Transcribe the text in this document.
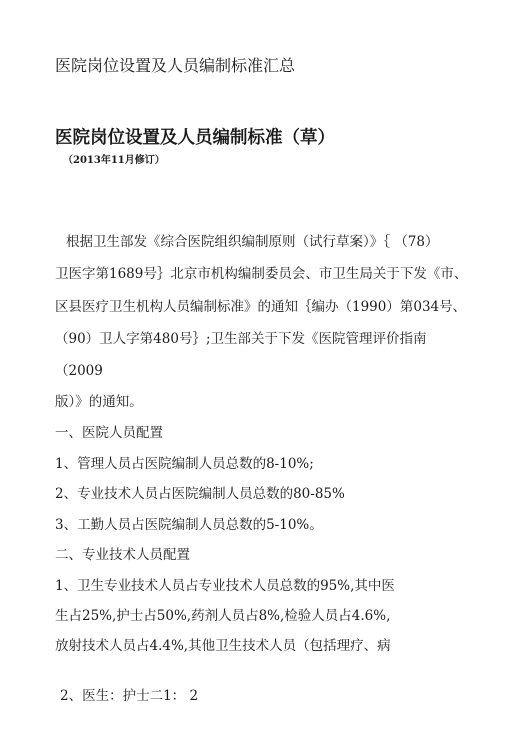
医院岗位设置及人员编制标准汇总
医院岗位设置及人员编制标准（草）
（2013年11月修订）
根据卫生部发《综合医院组织编制原则（试行草案）》｛ （78）
卫医字第1689号｝北京市机构编制委员会、市卫生局关于下发《市、
区县医疗卫生机构人员编制标准》的通知｛编办（1990）第034号、
（90）卫人字第480号｝;卫生部关于下发《医院管理评价指南
（2009
版）》的通知。
一、医院人员配置
1、管理人员占医院编制人员总数的8-10%;
2、专业技术人员占医院编制人员总数的80-85%
3、工勤人员占医院编制人员总数的5-10%。
二、专业技术人员配置
1、卫生专业技术人员占专业技术人员总数的95%,其中医
生占25%,护士占50%,药剂人员占8%,检验人员占4.6%,
放射技术人员占4.4%,其他卫生技术人员（包括理疗、病
2、医生：护士二1： 2
